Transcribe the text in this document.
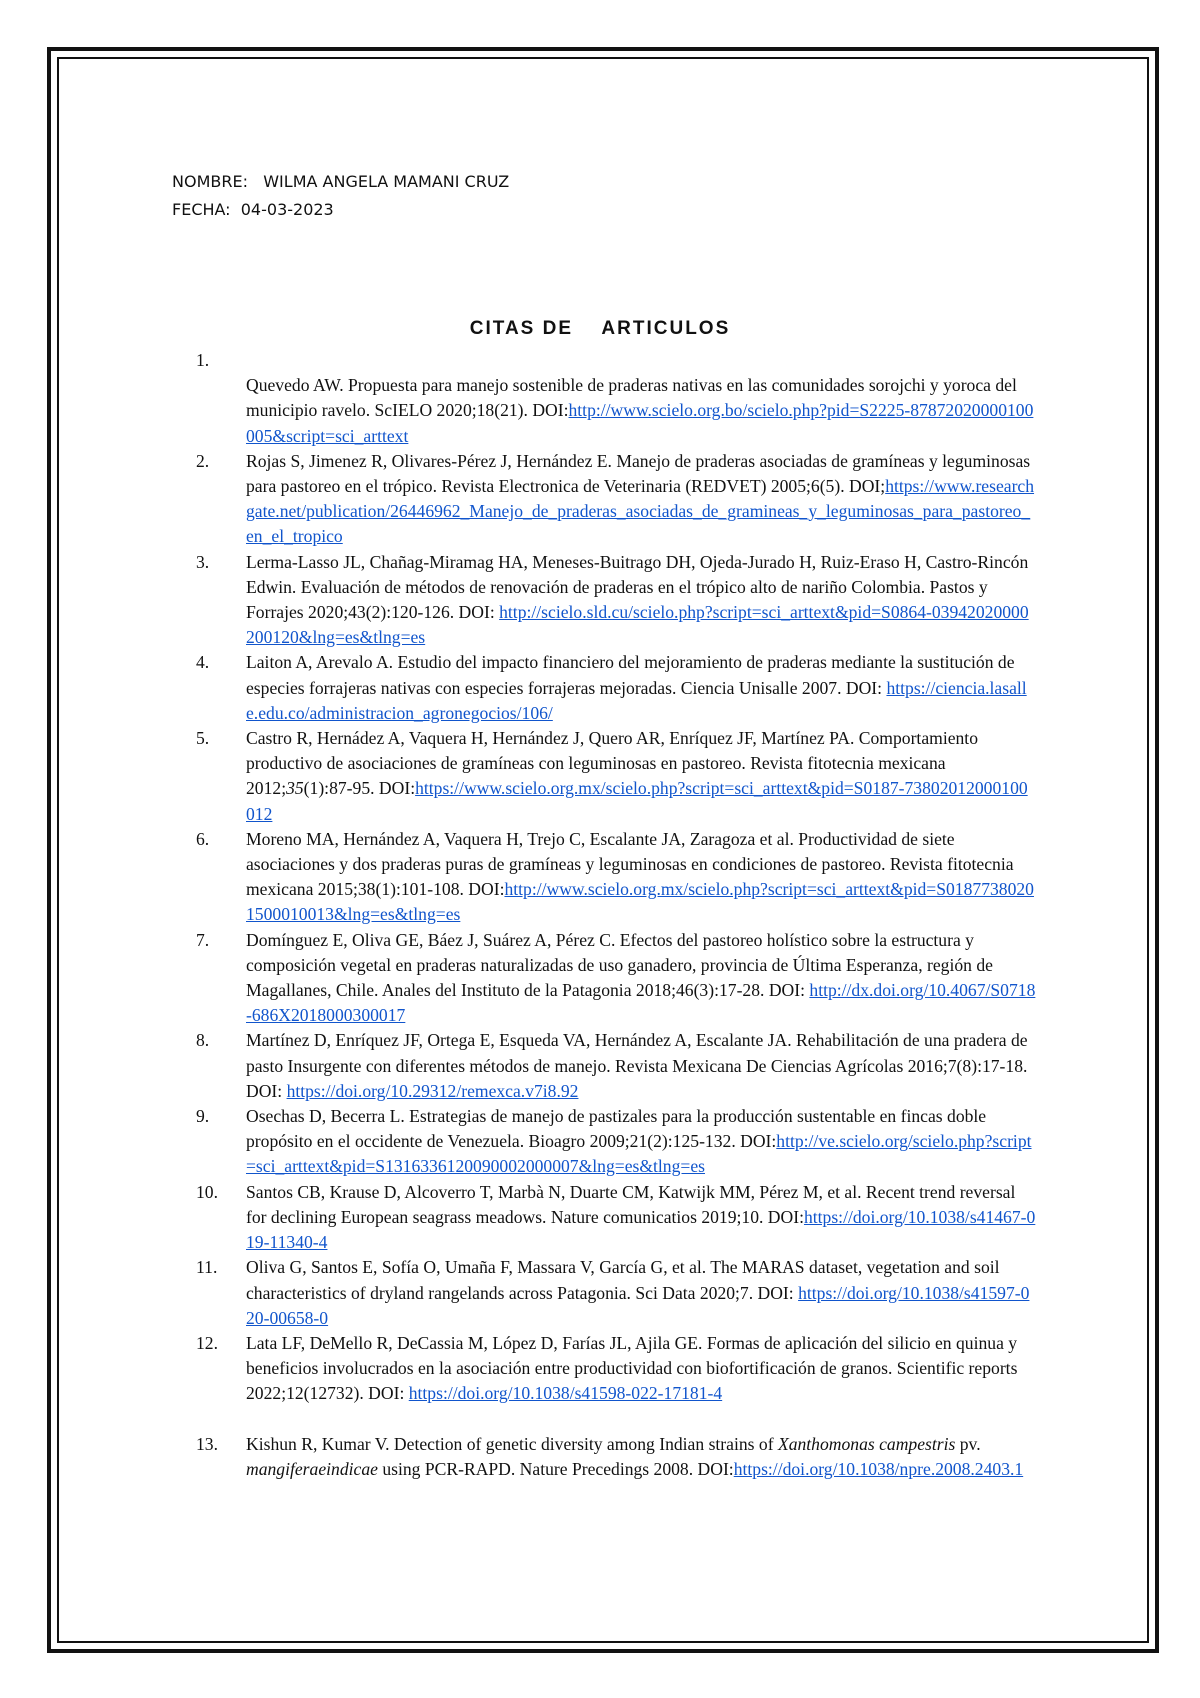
NOMBRE: WILMA ANGELA MAMANI CRUZ
FECHA: 04-03-2023
CITAS DE    ARTICULOS
1.
Quevedo AW. Propuesta para manejo sostenible de praderas nativas en las comunidades sorojchi y yoroca del municipio ravelo. ScIELO 2020;18(21). DOI:http://www.scielo.org.bo/scielo.php?pid=S2225-87872020000100005&script=sci_arttext
2. Rojas S, Jimenez R, Olivares-Pérez J, Hernández E. Manejo de praderas asociadas de gramíneas y leguminosas para pastoreo en el trópico. Revista Electronica de Veterinaria (REDVET) 2005;6(5). DOI;https://www.researchgate.net/publication/26446962_Manejo_de_praderas_asociadas_de_gramineas_y_leguminosas_para_pastoreo_en_el_tropico
3. Lerma-Lasso JL, Chañag-Miramag HA, Meneses-Buitrago DH, Ojeda-Jurado H, Ruiz-Eraso H, Castro-Rincón Edwin. Evaluación de métodos de renovación de praderas en el trópico alto de nariño Colombia. Pastos y Forrajes 2020;43(2):120-126. DOI: http://scielo.sld.cu/scielo.php?script=sci_arttext&pid=S0864-03942020000200120&lng=es&tlng=es
4. Laiton A, Arevalo A. Estudio del impacto financiero del mejoramiento de praderas mediante la sustitución de especies forrajeras nativas con especies forrajeras mejoradas. Ciencia Unisalle 2007. DOI: https://ciencia.lasalle.edu.co/administracion_agronegocios/106/
5. Castro R, Hernádez A, Vaquera H, Hernández J, Quero AR, Enríquez JF, Martínez PA. Comportamiento productivo de asociaciones de gramíneas con leguminosas en pastoreo. Revista fitotecnia mexicana 2012;35(1):87-95. DOI:https://www.scielo.org.mx/scielo.php?script=sci_arttext&pid=S0187-73802012000100012
6. Moreno MA, Hernández A, Vaquera H, Trejo C, Escalante JA, Zaragoza et al. Productividad de siete asociaciones y dos praderas puras de gramíneas y leguminosas en condiciones de pastoreo. Revista fitotecnia mexicana 2015;38(1):101-108. DOI:http://www.scielo.org.mx/scielo.php?script=sci_arttext&pid=S01877380201500010013&lng=es&tlng=es
7. Domínguez E, Oliva GE, Báez J, Suárez A, Pérez C. Efectos del pastoreo holístico sobre la estructura y composición vegetal en praderas naturalizadas de uso ganadero, provincia de Última Esperanza, región de Magallanes, Chile. Anales del Instituto de la Patagonia 2018;46(3):17-28. DOI: http://dx.doi.org/10.4067/S0718-686X2018000300017
8. Martínez D, Enríquez JF, Ortega E, Esqueda VA, Hernández A, Escalante JA. Rehabilitación de una pradera de pasto Insurgente con diferentes métodos de manejo. Revista Mexicana De Ciencias Agrícolas 2016;7(8):17-18. DOI: https://doi.org/10.29312/remexca.v7i8.92
9. Osechas D, Becerra L. Estrategias de manejo de pastizales para la producción sustentable en fincas doble propósito en el occidente de Venezuela. Bioagro 2009;21(2):125-132. DOI:http://ve.scielo.org/scielo.php?script=sci_arttext&pid=S1316336120090002000007&lng=es&tlng=es
10. Santos CB, Krause D, Alcoverro T, Marbà N, Duarte CM, Katwijk MM, Pérez M, et al. Recent trend reversal for declining European seagrass meadows. Nature comunicatios 2019;10. DOI:https://doi.org/10.1038/s41467-019-11340-4
11. Oliva G, Santos E, Sofía O, Umaña F, Massara V, García G, et al. The MARAS dataset, vegetation and soil characteristics of dryland rangelands across Patagonia. Sci Data 2020;7. DOI: https://doi.org/10.1038/s41597-020-00658-0
12. Lata LF, DeMello R, DeCassia M, López D, Farías JL, Ajila GE. Formas de aplicación del silicio en quinua y beneficios involucrados en la asociación entre productividad con biofortificación de granos. Scientific reports 2022;12(12732). DOI: https://doi.org/10.1038/s41598-022-17181-4
13. Kishun R, Kumar V. Detection of genetic diversity among Indian strains of Xanthomonas campestris pv. mangiferaeindicae using PCR-RAPD. Nature Precedings 2008. DOI:https://doi.org/10.1038/npre.2008.2403.1
